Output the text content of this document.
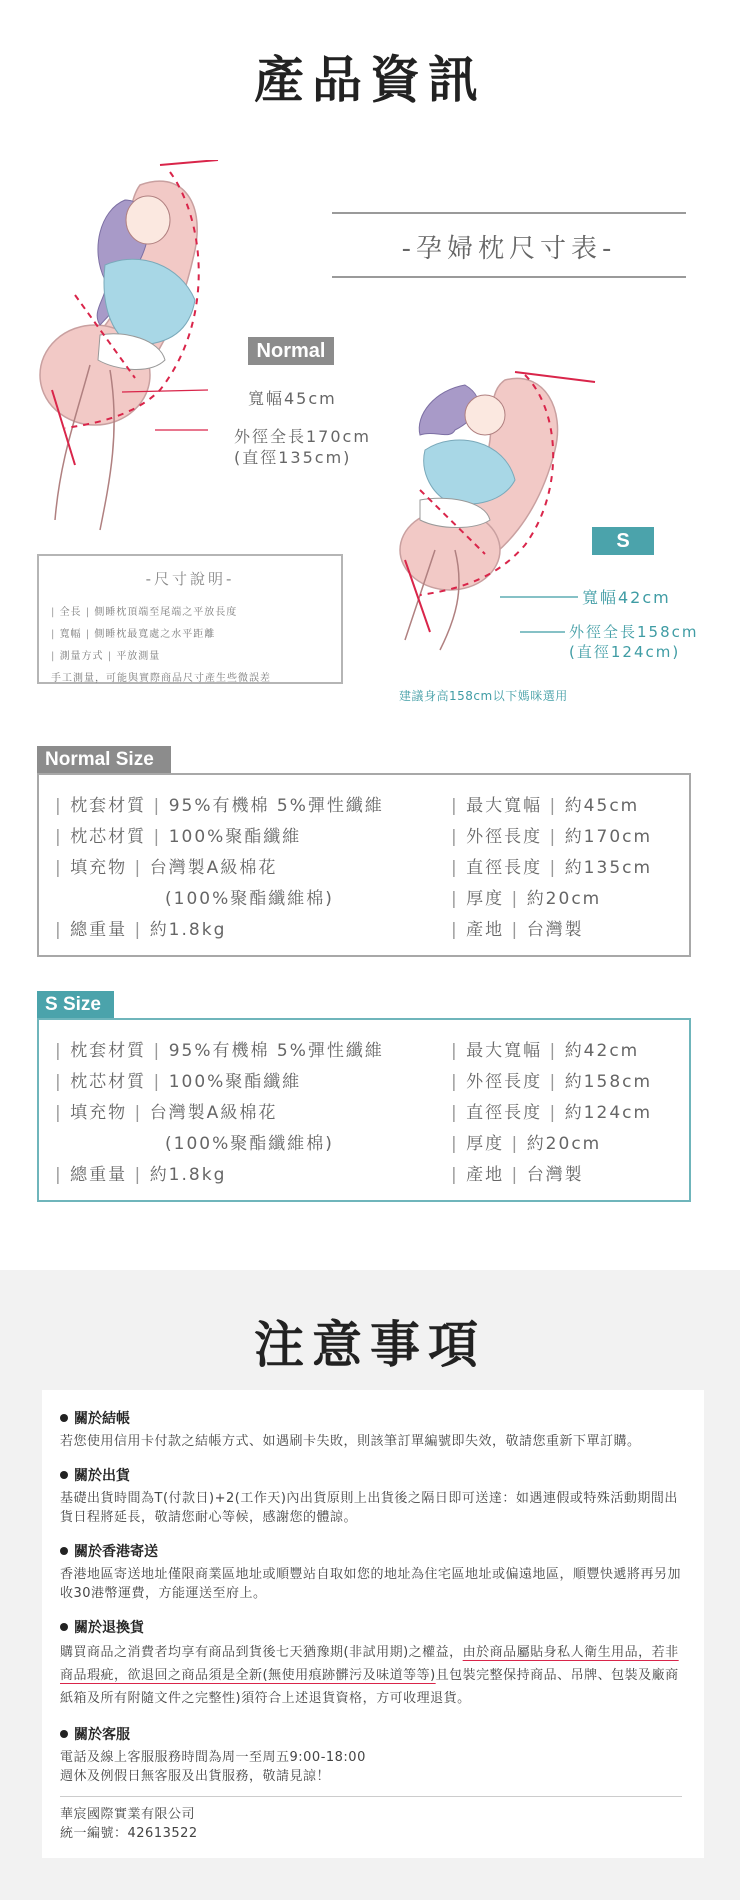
產品資訊
-孕婦枕尺寸表-
Normal
寬幅45cm
外徑全長170cm
(直徑135cm)
S
寬幅42cm
外徑全長158cm
(直徑124cm)
建議身高158cm以下媽咪選用
-尺寸說明-
| 全長 | 側睡枕頂端至尾端之平放長度
| 寬幅 | 側睡枕最寬處之水平距離
| 測量方式 | 平放測量
手工測量，可能與實際商品尺寸產生些微誤差
Normal Size
| 枕套材質 | 95%有機棉 5%彈性纖維
| 枕芯材質 | 100%聚酯纖維
| 填充物 | 台灣製A級棉花
(100%聚酯纖維棉)
| 總重量 | 約1.8kg
| 最大寬幅 | 約45cm
| 外徑長度 | 約170cm
| 直徑長度 | 約135cm
| 厚度 | 約20cm
| 產地 | 台灣製
S Size
| 枕套材質 | 95%有機棉 5%彈性纖維
| 枕芯材質 | 100%聚酯纖維
| 填充物 | 台灣製A級棉花
(100%聚酯纖維棉)
| 總重量 | 約1.8kg
| 最大寬幅 | 約42cm
| 外徑長度 | 約158cm
| 直徑長度 | 約124cm
| 厚度 | 約20cm
| 產地 | 台灣製
注意事項
關於結帳
若您使用信用卡付款之結帳方式、如遇刷卡失敗，則該筆訂單編號即失效，敬請您重新下單訂購。
關於出貨
基礎出貨時間為T(付款日)+2(工作天)內出貨原則上出貨後之隔日即可送達：如遇連假或特殊活動期間出貨日程將延長，敬請您耐心等候，感謝您的體諒。
關於香港寄送
香港地區寄送地址僅限商業區地址或順豐站自取如您的地址為住宅區地址或偏遠地區，順豐快遞將再另加收30港幣運費，方能運送至府上。
關於退換貨
購買商品之消費者均享有商品到貨後七天猶豫期(非試用期)之權益，由於商品屬貼身私人衛生用品，若非商品瑕疵，欲退回之商品須是全新(無使用痕跡髒污及味道等等)且包裝完整保持商品、吊牌、包裝及廠商紙箱及所有附隨文件之完整性)須符合上述退貨資格，方可收理退貨。
關於客服
電話及線上客服服務時間為周一至周五9:00-18:00
週休及例假日無客服及出貨服務，敬請見諒！
華宸國際實業有限公司
統一編號：42613522
